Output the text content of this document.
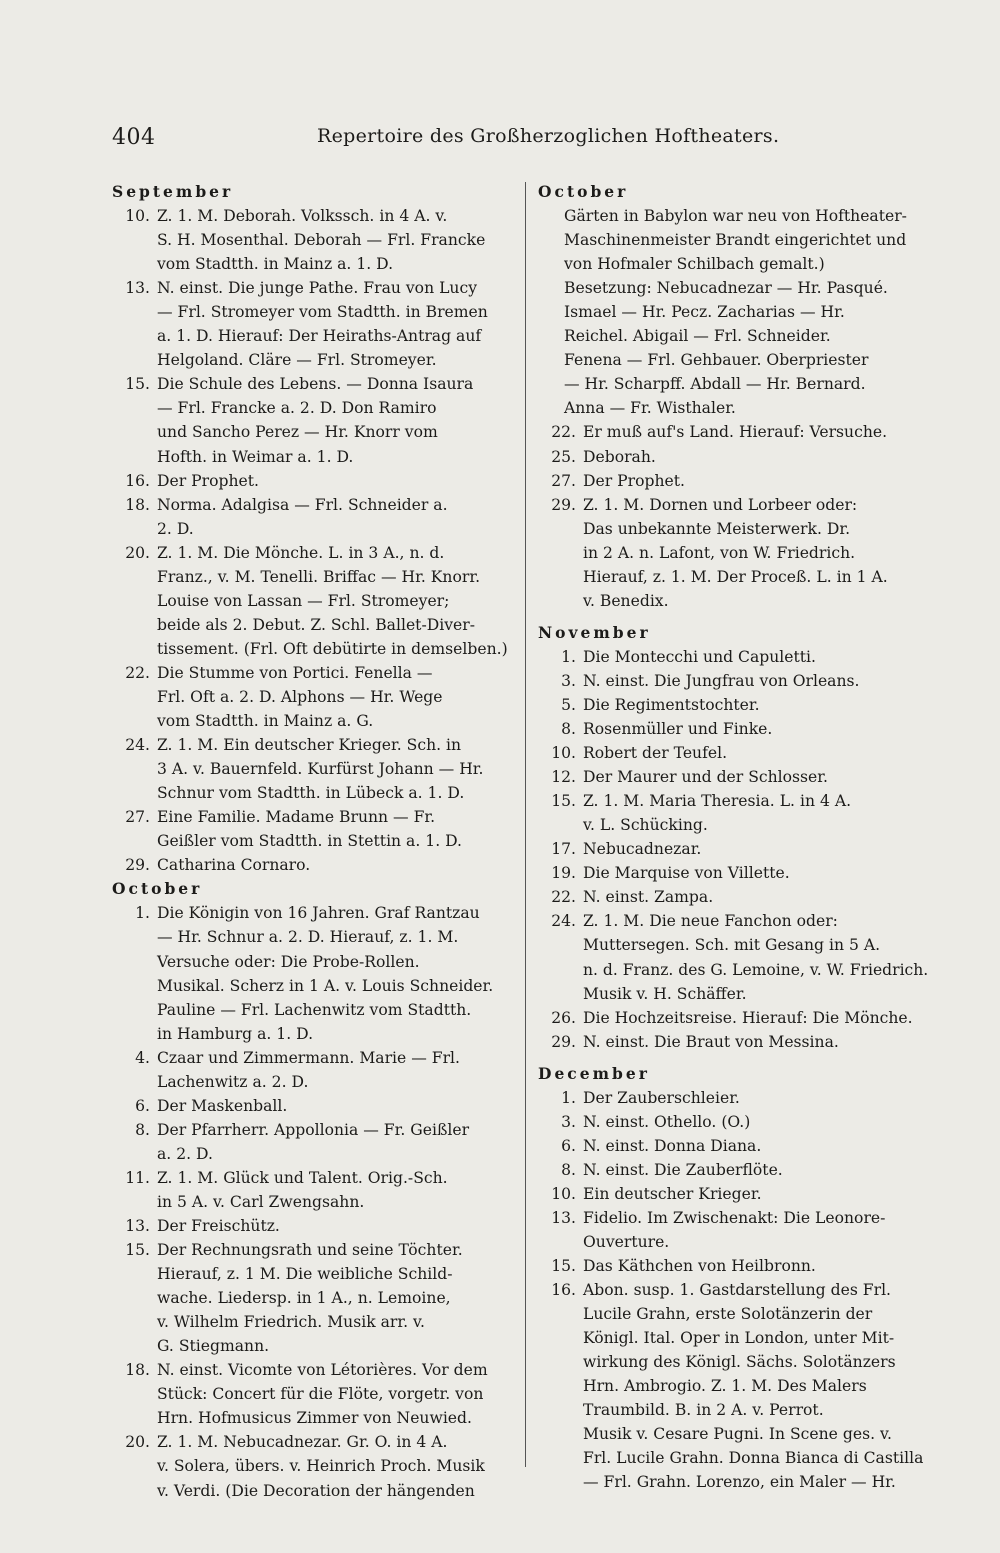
404	Repertoire des Großherzoglichen Hoftheaters.
September
10. Z. 1. M. Deborah. Volkssch. in 4 A. v.
S. H. Mosenthal. Deborah — Frl. Francke
vom Stadtth. in Mainz a. 1. D.
13. N. einst. Die junge Pathe. Frau von Lucy
— Frl. Stromeyer vom Stadtth. in Bremen
a. 1. D. Hierauf: Der Heiraths-Antrag auf
Helgoland. Cläre — Frl. Stromeyer.
15. Die Schule des Lebens. — Donna Isaura
— Frl. Francke a. 2. D. Don Ramiro
und Sancho Perez — Hr. Knorr vom
Hofth. in Weimar a. 1. D.
16. Der Prophet.
18. Norma. Adalgisa — Frl. Schneider a.
2. D.
20. Z. 1. M. Die Mönche. L. in 3 A., n. d.
Franz., v. M. Tenelli. Briffac — Hr. Knorr.
Louise von Lassan — Frl. Stromeyer;
beide als 2. Debut. Z. Schl. Ballet-Diver-
tissement. (Frl. Oft debütirte in demselben.)
22. Die Stumme von Portici. Fenella —
Frl. Oft a. 2. D. Alphons — Hr. Wege
vom Stadtth. in Mainz a. G.
24. Z. 1. M. Ein deutscher Krieger. Sch. in
3 A. v. Bauernfeld. Kurfürst Johann — Hr.
Schnur vom Stadtth. in Lübeck a. 1. D.
27. Eine Familie. Madame Brunn — Fr.
Geißler vom Stadtth. in Stettin a. 1. D.
29. Catharina Cornaro.
October
1. Die Königin von 16 Jahren. Graf Rantzau
— Hr. Schnur a. 2. D. Hierauf, z. 1. M.
Versuche oder: Die Probe-Rollen.
Musikal. Scherz in 1 A. v. Louis Schneider.
Pauline — Frl. Lachenwitz vom Stadtth.
in Hamburg a. 1. D.
4. Czaar und Zimmermann. Marie — Frl.
Lachenwitz a. 2. D.
6. Der Maskenball.
8. Der Pfarrherr. Appollonia — Fr. Geißler
a. 2. D.
11. Z. 1. M. Glück und Talent. Orig.-Sch.
in 5 A. v. Carl Zwengsahn.
13. Der Freischütz.
15. Der Rechnungsrath und seine Töchter.
Hierauf, z. 1 M. Die weibliche Schild-
wache. Liedersp. in 1 A., n. Lemoine,
v. Wilhelm Friedrich. Musik arr. v.
G. Stiegmann.
18. N. einst. Vicomte von Létorières. Vor dem
Stück: Concert für die Flöte, vorgetr. von
Hrn. Hofmusicus Zimmer von Neuwied.
20. Z. 1. M. Nebucadnezar. Gr. O. in 4 A.
v. Solera, übers. v. Heinrich Proch. Musik
v. Verdi. (Die Decoration der hängenden
October
Gärten in Babylon war neu von Hoftheater-
Maschinenmeister Brandt eingerichtet und
von Hofmaler Schilbach gemalt.)
Besetzung: Nebucadnezar — Hr. Pasqué.
Ismael — Hr. Pecz. Zacharias — Hr.
Reichel. Abigail — Frl. Schneider.
Fenena — Frl. Gehbauer. Oberpriester
— Hr. Scharpff. Abdall — Hr. Bernard.
Anna — Fr. Wisthaler.
22. Er muß auf's Land. Hierauf: Versuche.
25. Deborah.
27. Der Prophet.
29. Z. 1. M. Dornen und Lorbeer oder:
Das unbekannte Meisterwerk. Dr.
in 2 A. n. Lafont, von W. Friedrich.
Hierauf, z. 1. M. Der Proceß. L. in 1 A.
v. Benedix.
November
1. Die Montecchi und Capuletti.
3. N. einst. Die Jungfrau von Orleans.
5. Die Regimentstochter.
8. Rosenmüller und Finke.
10. Robert der Teufel.
12. Der Maurer und der Schlosser.
15. Z. 1. M. Maria Theresia. L. in 4 A.
v. L. Schücking.
17. Nebucadnezar.
19. Die Marquise von Villette.
22. N. einst. Zampa.
24. Z. 1. M. Die neue Fanchon oder:
Muttersegen. Sch. mit Gesang in 5 A.
n. d. Franz. des G. Lemoine, v. W. Friedrich.
Musik v. H. Schäffer.
26. Die Hochzeitsreise. Hierauf: Die Mönche.
29. N. einst. Die Braut von Messina.
December
1. Der Zauberschleier.
3. N. einst. Othello. (O.)
6. N. einst. Donna Diana.
8. N. einst. Die Zauberflöte.
10. Ein deutscher Krieger.
13. Fidelio. Im Zwischenakt: Die Leonore-
Ouverture.
15. Das Käthchen von Heilbronn.
16. Abon. susp. 1. Gastdarstellung des Frl.
Lucile Grahn, erste Solotänzerin der
Königl. Ital. Oper in London, unter Mit-
wirkung des Königl. Sächs. Solotänzers
Hrn. Ambrogio. Z. 1. M. Des Malers
Traumbild. B. in 2 A. v. Perrot.
Musik v. Cesare Pugni. In Scene ges. v.
Frl. Lucile Grahn. Donna Bianca di Castilla
— Frl. Grahn. Lorenzo, ein Maler — Hr.
